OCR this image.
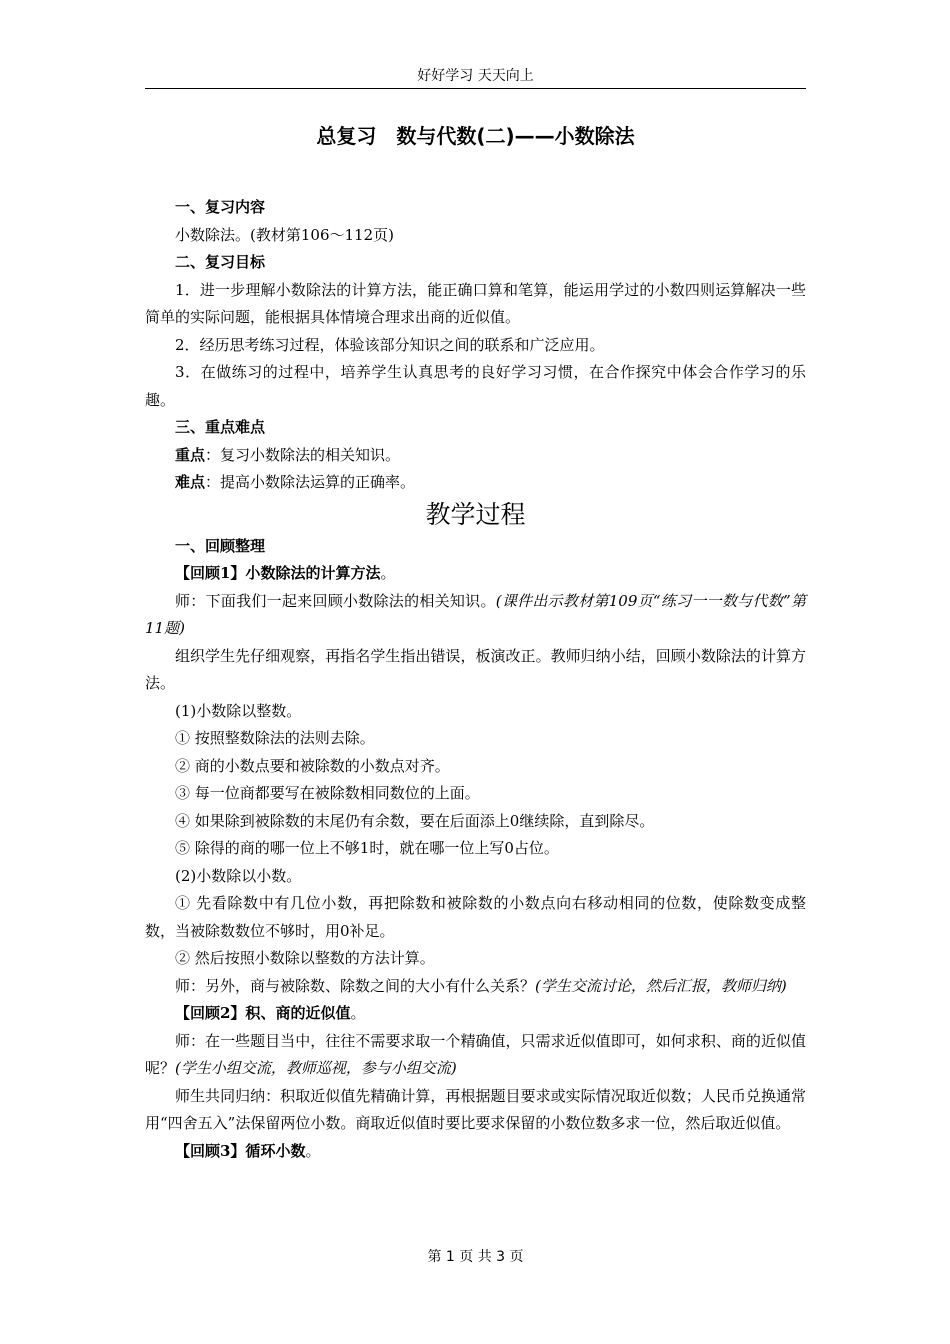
好好学习 天天向上
总复习　数与代数(二)——小数除法

一、复习内容

小数除法。(教材第106～112页)

二、复习目标

1．进一步理解小数除法的计算方法，能正确口算和笔算，能运用学过的小数四则运算解决一些简单的实际问题，能根据具体情境合理求出商的近似值。

2．经历思考练习过程，体验该部分知识之间的联系和广泛应用。

3．在做练习的过程中，培养学生认真思考的良好学习习惯，在合作探究中体会合作学习的乐趣。

三、重点难点

重点：复习小数除法的相关知识。

难点：提高小数除法运算的正确率。

教学过程

一、回顾整理

【回顾1】小数除法的计算方法。

师：下面我们一起来回顾小数除法的相关知识。(课件出示教材第109页“练习一一数与代数”第11题)

组织学生先仔细观察，再指名学生指出错误，板演改正。教师归纳小结，回顾小数除法的计算方法。

(1)小数除以整数。

① 按照整数除法的法则去除。

② 商的小数点要和被除数的小数点对齐。

③ 每一位商都要写在被除数相同数位的上面。

④ 如果除到被除数的末尾仍有余数，要在后面添上0继续除，直到除尽。

⑤ 除得的商的哪一位上不够1时，就在哪一位上写0占位。

(2)小数除以小数。

① 先看除数中有几位小数，再把除数和被除数的小数点向右移动相同的位数，使除数变成整数，当被除数数位不够时，用0补足。

② 然后按照小数除以整数的方法计算。

师：另外，商与被除数、除数之间的大小有什么关系？(学生交流讨论，然后汇报，教师归纳)

【回顾2】积、商的近似值。

师：在一些题目当中，往往不需要求取一个精确值，只需求近似值即可，如何求积、商的近似值呢？(学生小组交流，教师巡视，参与小组交流)

师生共同归纳：积取近似值先精确计算，再根据题目要求或实际情况取近似数；人民币兑换通常用“四舍五入”法保留两位小数。商取近似值时要比要求保留的小数位数多求一位，然后取近似值。

【回顾3】循环小数。

第 1 页 共 3 页
